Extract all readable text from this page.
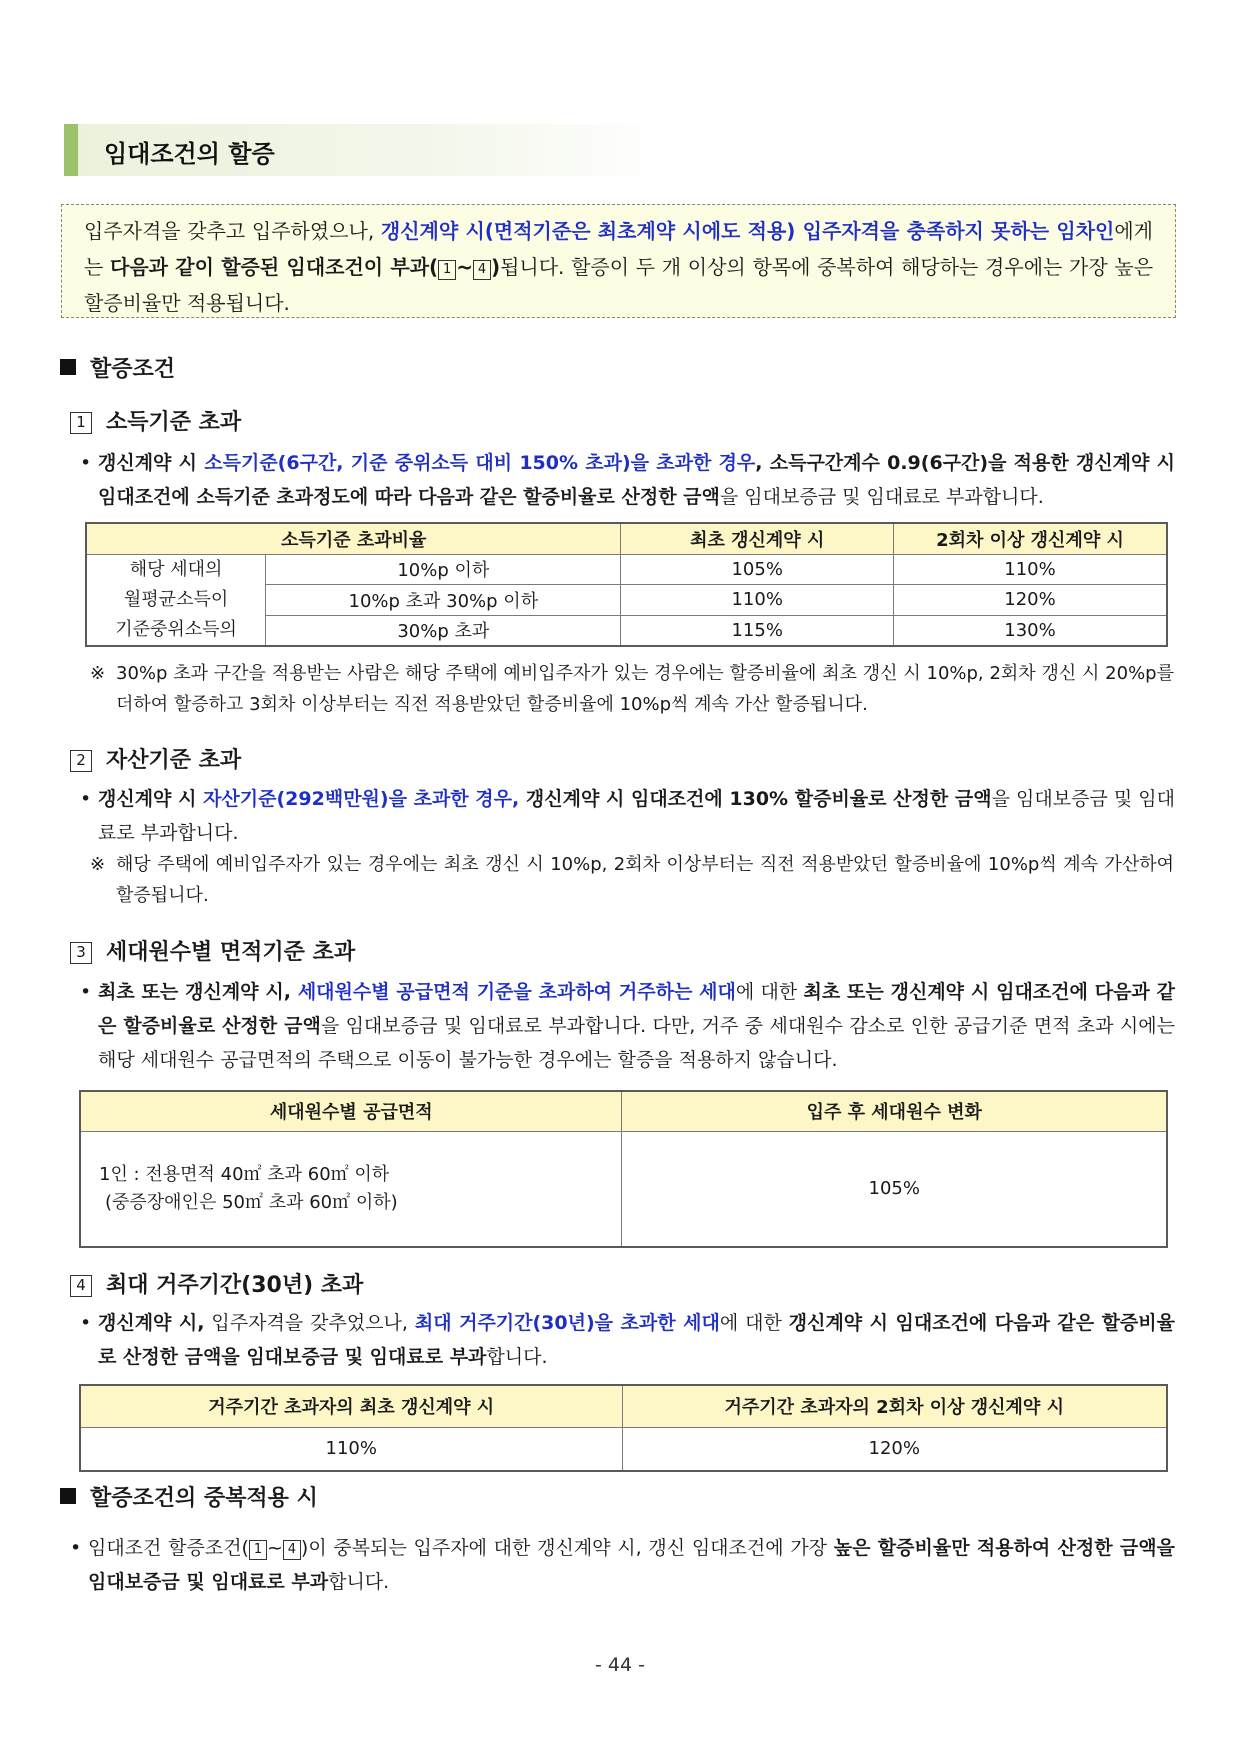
임대조건의 할증
입주자격을 갖추고 입주하였으나, 갱신계약 시(면적기준은 최초계약 시에도 적용) 입주자격을 충족하지 못하는 임차인에게는 다음과 같이 할증된 임대조건이 부과( 1 ~ 4 )됩니다. 할증이 두 개 이상의 항목에 중복하여 해당하는 경우에는 가장 높은 할증비율만 적용됩니다.
할증조건
1 소득기준 초과
• 갱신계약 시 소득기준(6구간, 기준 중위소득 대비 150% 초과)을 초과한 경우, 소득구간계수 0.9(6구간)을 적용한 갱신계약 시 임대조건에 소득기준 초과정도에 따라 다음과 같은 할증비율로 산정한 금액을 임대보증금 및 임대료로 부과합니다.
소득기준 초과비율		최초 갱신계약 시	2회차 이상 갱신계약 시

해당 세대의
월평균소득이
기준중위소득의	10%p 이하	105%	110%
	10%p 초과 30%p 이하	110%	120%
	30%p 초과	115%	130%
※ 30%p 초과 구간을 적용받는 사람은 해당 주택에 예비입주자가 있는 경우에는 할증비율에 최초 갱신 시 10%p, 2회차 갱신 시 20%p를 더하여 할증하고 3회차 이상부터는 직전 적용받았던 할증비율에 10%p씩 계속 가산 할증됩니다.
2 자산기준 초과
• 갱신계약 시 자산기준(292백만원)을 초과한 경우, 갱신계약 시 임대조건에 130% 할증비율로 산정한 금액을 임대보증금 및 임대료로 부과합니다.
※ 해당 주택에 예비입주자가 있는 경우에는 최초 갱신 시 10%p, 2회차 이상부터는 직전 적용받았던 할증비율에 10%p씩 계속 가산하여 할증됩니다.
3 세대원수별 면적기준 초과
• 최초 또는 갱신계약 시, 세대원수별 공급면적 기준을 초과하여 거주하는 세대에 대한 최초 또는 갱신계약 시 임대조건에 다음과 같은 할증비율로 산정한 금액을 임대보증금 및 임대료로 부과합니다. 다만, 거주 중 세대원수 감소로 인한 공급기준 면적 초과 시에는 해당 세대원수 공급면적의 주택으로 이동이 불가능한 경우에는 할증을 적용하지 않습니다.
세대원수별 공급면적	입주 후 세대원수 변화

1인 : 전용면적 40㎡ 초과 60㎡ 이하
(중증장애인은 50㎡ 초과 60㎡ 이하)	105%
4 최대 거주기간(30년) 초과
• 갱신계약 시, 입주자격을 갖추었으나, 최대 거주기간(30년)을 초과한 세대에 대한 갱신계약 시 임대조건에 다음과 같은 할증비율로 산정한 금액을 임대보증금 및 임대료로 부과합니다.
거주기간 초과자의 최초 갱신계약 시	거주기간 초과자의 2회차 이상 갱신계약 시
110%	120%
할증조건의 중복적용 시
• 임대조건 할증조건( 1 ~ 4 )이 중복되는 입주자에 대한 갱신계약 시, 갱신 임대조건에 가장 높은 할증비율만 적용하여 산정한 금액을 임대보증금 및 임대료로 부과합니다.
- 44 -
